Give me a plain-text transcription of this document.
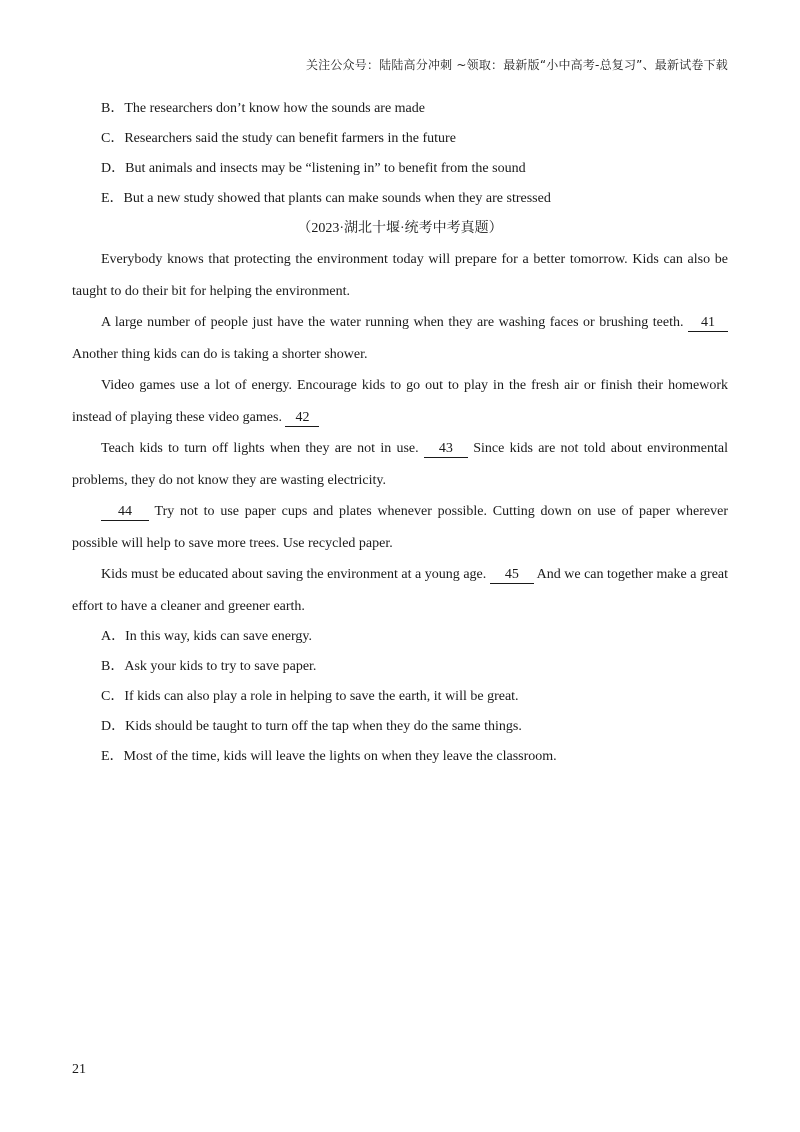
关注公众号：陆陆高分冲刺 ~领取：最新版“小中高考-总复习”、最新试卷下载
B．The researchers don’t know how the sounds are made
C．Researchers said the study can benefit farmers in the future
D．But animals and insects may be “listening in” to benefit from the sound
E．But a new study showed that plants can make sounds when they are stressed
（2023·湖北十堰·统考中考真题）

Everybody knows that protecting the environment today will prepare for a better tomorrow. Kids can also be taught to do their bit for helping the environment.

A large number of people just have the water running when they are washing faces or brushing teeth. 41 Another thing kids can do is taking a shorter shower.

Video games use a lot of energy. Encourage kids to go out to play in the fresh air or finish their homework instead of playing these video games. 42

Teach kids to turn off lights when they are not in use. 43 Since kids are not told about environmental problems, they do not know they are wasting electricity.

44 Try not to use paper cups and plates whenever possible. Cutting down on use of paper wherever possible will help to save more trees. Use recycled paper.

Kids must be educated about saving the environment at a young age. 45 And we can together make a great effort to have a cleaner and greener earth.

A．In this way, kids can save energy.
B．Ask your kids to try to save paper.
C．If kids can also play a role in helping to save the earth, it will be great.
D．Kids should be taught to turn off the tap when they do the same things.
E．Most of the time, kids will leave the lights on when they leave the classroom.
21
